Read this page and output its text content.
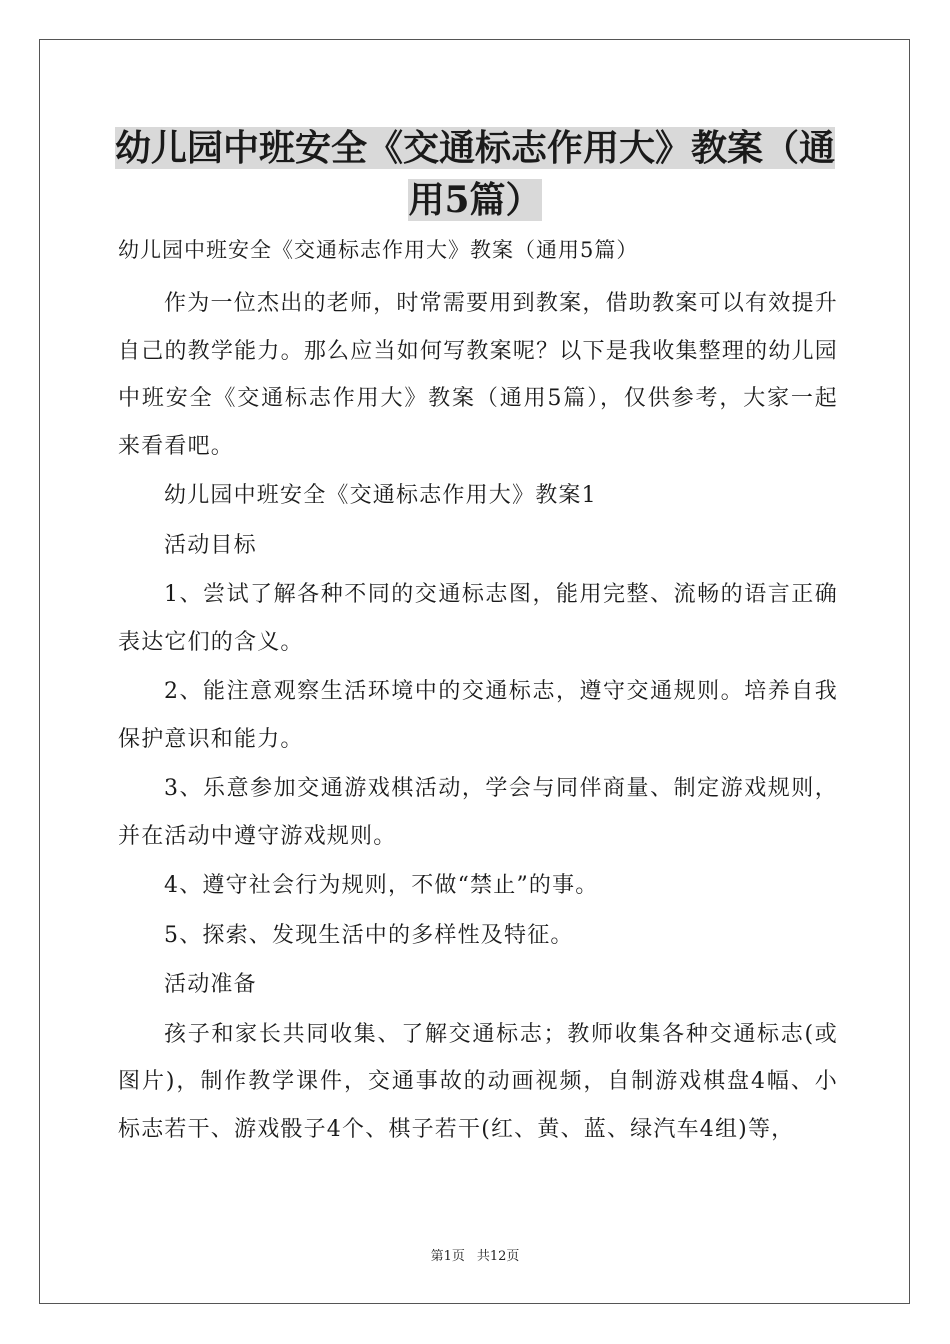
幼儿园中班安全《交通标志作用大》教案（通用5篇）

幼儿园中班安全《交通标志作用大》教案（通用5篇）

作为一位杰出的老师，时常需要用到教案，借助教案可以有效提升自己的教学能力。那么应当如何写教案呢？以下是我收集整理的幼儿园中班安全《交通标志作用大》教案（通用5篇），仅供参考，大家一起来看看吧。

幼儿园中班安全《交通标志作用大》教案1

活动目标

1、尝试了解各种不同的交通标志图，能用完整、流畅的语言正确表达它们的含义。

2、能注意观察生活环境中的交通标志，遵守交通规则。培养自我保护意识和能力。

3、乐意参加交通游戏棋活动，学会与同伴商量、制定游戏规则，并在活动中遵守游戏规则。

4、遵守社会行为规则，不做“禁止”的事。

5、探索、发现生活中的多样性及特征。

活动准备

孩子和家长共同收集、了解交通标志；教师收集各种交通标志(或图片)，制作教学课件，交通事故的动画视频，自制游戏棋盘4幅、小标志若干、游戏骰子4个、棋子若干(红、黄、蓝、绿汽车4组)等，

第1页 共12页
